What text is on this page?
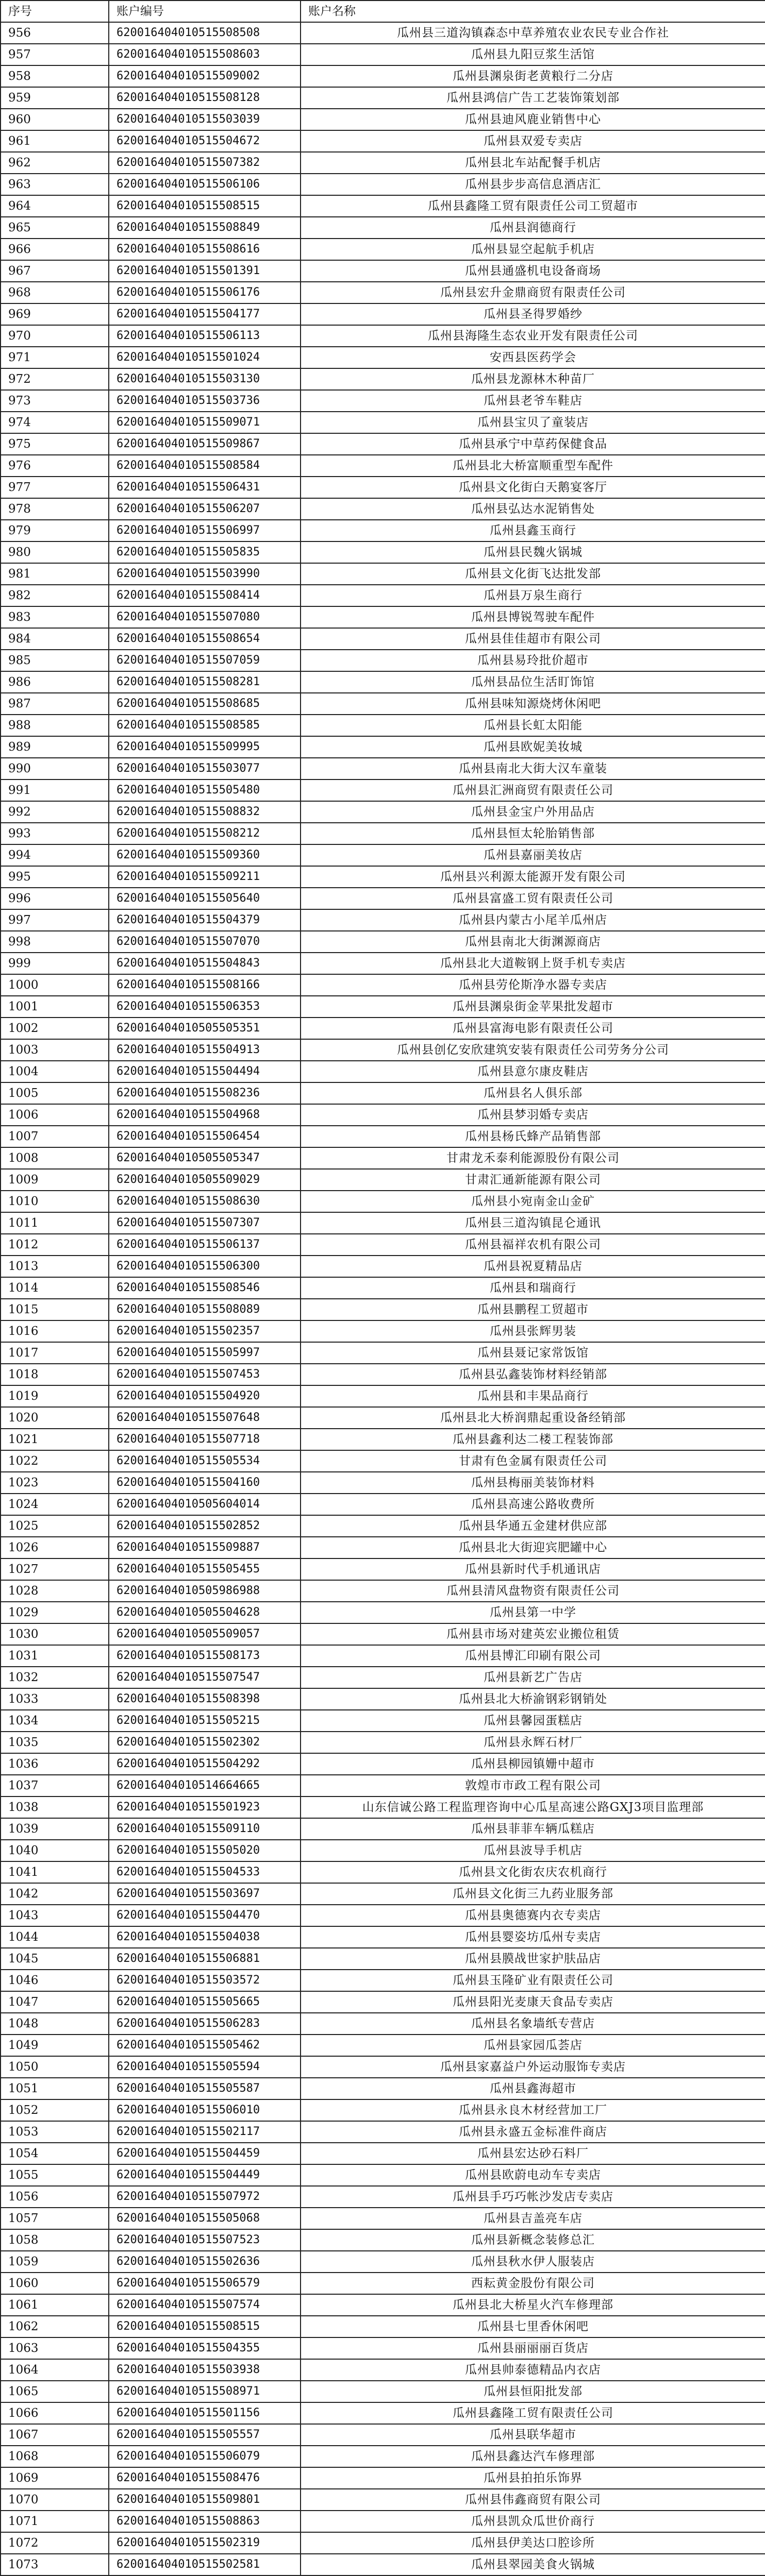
序号	账户编号	账户名称
956	620016404010515508508	瓜州县三道沟镇森态中草养殖农业农民专业合作社
957	620016404010515508603	瓜州县九阳豆浆生活馆
958	620016404010515509002	瓜州县渊泉街老黄粮行二分店
959	620016404010515508128	瓜州县鸿信广告工艺装饰策划部
960	620016404010515503039	瓜州县迪风鹿业销售中心
961	620016404010515504672	瓜州县双爱专卖店
962	620016404010515507382	瓜州县北车站配餐手机店
963	620016404010515506106	瓜州县步步高信息酒店汇
964	620016404010515508515	瓜州县鑫隆工贸有限责任公司工贸超市
965	620016404010515508849	瓜州县润德商行
966	620016404010515508616	瓜州县显空起航手机店
967	620016404010515501391	瓜州县通盛机电设备商场
968	620016404010515506176	瓜州县宏升金鼎商贸有限责任公司
969	620016404010515504177	瓜州县圣得罗婚纱
970	620016404010515506113	瓜州县海隆生态农业开发有限责任公司
971	620016404010515501024	安西县医药学会
972	620016404010515503130	瓜州县龙源林木种苗厂
973	620016404010515503736	瓜州县老爷车鞋店
974	620016404010515509071	瓜州县宝贝了童装店
975	620016404010515509867	瓜州县承宁中草药保健食品
976	620016404010515508584	瓜州县北大桥富顺重型车配件
977	620016404010515506431	瓜州县文化街白天鹅宴客厅
978	620016404010515506207	瓜州县弘达水泥销售处
979	620016404010515506997	瓜州县鑫玉商行
980	620016404010515505835	瓜州县民魏火锅城
981	620016404010515503990	瓜州县文化街飞达批发部
982	620016404010515508414	瓜州县万泉生商行
983	620016404010515507080	瓜州县博锐驾驶车配件
984	620016404010515508654	瓜州县佳佳超市有限公司
985	620016404010515507059	瓜州县易玲批价超市
986	620016404010515508281	瓜州县品位生活盯饰馆
987	620016404010515508685	瓜州县味知源烧烤休闲吧
988	620016404010515508585	瓜州县长虹太阳能
989	620016404010515509995	瓜州县欧妮美妆城
990	620016404010515503077	瓜州县南北大街大汉车童装
991	620016404010515505480	瓜州县汇洲商贸有限责任公司
992	620016404010515508832	瓜州县金宝户外用品店
993	620016404010515508212	瓜州县恒太轮胎销售部
994	620016404010515509360	瓜州县嘉丽美妆店
995	620016404010515509211	瓜州县兴利源太能源开发有限公司
996	620016404010515505640	瓜州县富盛工贸有限责任公司
997	620016404010515504379	瓜州县内蒙古小尾羊瓜州店
998	620016404010515507070	瓜州县南北大街渊源商店
999	620016404010515504843	瓜州县北大道鞍钢上贤手机专卖店
1000	620016404010515508166	瓜州县劳伦斯净水器专卖店
1001	620016404010515506353	瓜州县渊泉街金苹果批发超市
1002	620016404010505505351	瓜州县富海电影有限责任公司
1003	620016404010515504913	瓜州县创亿安欣建筑安装有限责任公司劳务分公司
1004	620016404010515504494	瓜州县意尔康皮鞋店
1005	620016404010515508236	瓜州县名人俱乐部
1006	620016404010515504968	瓜州县梦羽婚专卖店
1007	620016404010515506454	瓜州县杨氏蜂产品销售部
1008	620016404010505505347	甘肃龙禾泰利能源股份有限公司
1009	620016404010505509029	甘肃汇通新能源有限公司
1010	620016404010515508630	瓜州县小宛南金山金矿
1011	620016404010515507307	瓜州县三道沟镇昆仑通讯
1012	620016404010515506137	瓜州县福祥农机有限公司
1013	620016404010515506300	瓜州县祝夏精品店
1014	620016404010515508546	瓜州县和瑞商行
1015	620016404010515508089	瓜州县鹏程工贸超市
1016	620016404010515502357	瓜州县张辉男装
1017	620016404010515505997	瓜州县聂记家常饭馆
1018	620016404010515507453	瓜州县弘鑫装饰材料经销部
1019	620016404010515504920	瓜州县和丰果品商行
1020	620016404010515507648	瓜州县北大桥润鼎起重设备经销部
1021	620016404010515507718	瓜州县鑫利达二楼工程装饰部
1022	620016404010515505534	甘肃有色金属有限责任公司
1023	620016404010515504160	瓜州县梅丽美装饰材料
1024	620016404010505604014	瓜州县高速公路收费所
1025	620016404010515502852	瓜州县华通五金建材供应部
1026	620016404010515509887	瓜州县北大街迎宾肥罐中心
1027	620016404010515505455	瓜州县新时代手机通讯店
1028	620016404010505986988	瓜州县清风盘物资有限责任公司
1029	620016404010505504628	瓜州县第一中学
1030	620016404010505509057	瓜州县市场对建英宏业搬位租赁
1031	620016404010515508173	瓜州县博汇印刷有限公司
1032	620016404010515507547	瓜州县新艺广告店
1033	620016404010515508398	瓜州县北大桥渝钢彩钢销处
1034	620016404010515505215	瓜州县馨园蛋糕店
1035	620016404010515502302	瓜州县永辉石材厂
1036	620016404010515504292	瓜州县柳园镇姗中超市
1037	620016404010514664665	敦煌市市政工程有限公司
1038	620016404010515501923	山东信诚公路工程监理咨询中心瓜星高速公路GXJ3项目监理部
1039	620016404010515509110	瓜州县菲菲车辆瓜糕店
1040	620016404010515505020	瓜州县波导手机店
1041	620016404010515504533	瓜州县文化街农庆农机商行
1042	620016404010515503697	瓜州县文化街三九药业服务部
1043	620016404010515504470	瓜州县奥德赛内衣专卖店
1044	620016404010515504038	瓜州县婴姿坊瓜州专卖店
1045	620016404010515506881	瓜州县膜战世家护肤品店
1046	620016404010515503572	瓜州县玉隆矿业有限责任公司
1047	620016404010515505665	瓜州县阳光麦康天食品专卖店
1048	620016404010515506283	瓜州县名象墙纸专营店
1049	620016404010515505462	瓜州县家园瓜荟店
1050	620016404010515505594	瓜州县家嘉益户外运动服饰专卖店
1051	620016404010515505587	瓜州县鑫海超市
1052	620016404010515506010	瓜州县永良木材经营加工厂
1053	620016404010515502117	瓜州县永盛五金标准件商店
1054	620016404010515504459	瓜州县宏达砂石料厂
1055	620016404010515504449	瓜州县欧蔚电动车专卖店
1056	620016404010515507972	瓜州县手巧巧帐沙发店专卖店
1057	620016404010515505068	瓜州县吉盖亮车店
1058	620016404010515507523	瓜州县新概念装修总汇
1059	620016404010515502636	瓜州县秋水伊人服装店
1060	620016404010515506579	西耘黄金股份有限公司
1061	620016404010515507574	瓜州县北大桥星火汽车修理部
1062	620016404010515508515	瓜州县七里香休闲吧
1063	620016404010515504355	瓜州县丽丽丽百货店
1064	620016404010515503938	瓜州县帅泰德精品内衣店
1065	620016404010515508971	瓜州县恒阳批发部
1066	620016404010515501156	瓜州县鑫隆工贸有限责任公司
1067	620016404010515505557	瓜州县联华超市
1068	620016404010515506079	瓜州县鑫达汽车修理部
1069	620016404010515508476	瓜州县拍拍乐饰界
1070	620016404010515509801	瓜州县伟鑫商贸有限公司
1071	620016404010515508863	瓜州县凯众瓜世价商行
1072	620016404010515502319	瓜州县伊美达口腔诊所
1073	620016404010515502581	瓜州县翠园美食火锅城
